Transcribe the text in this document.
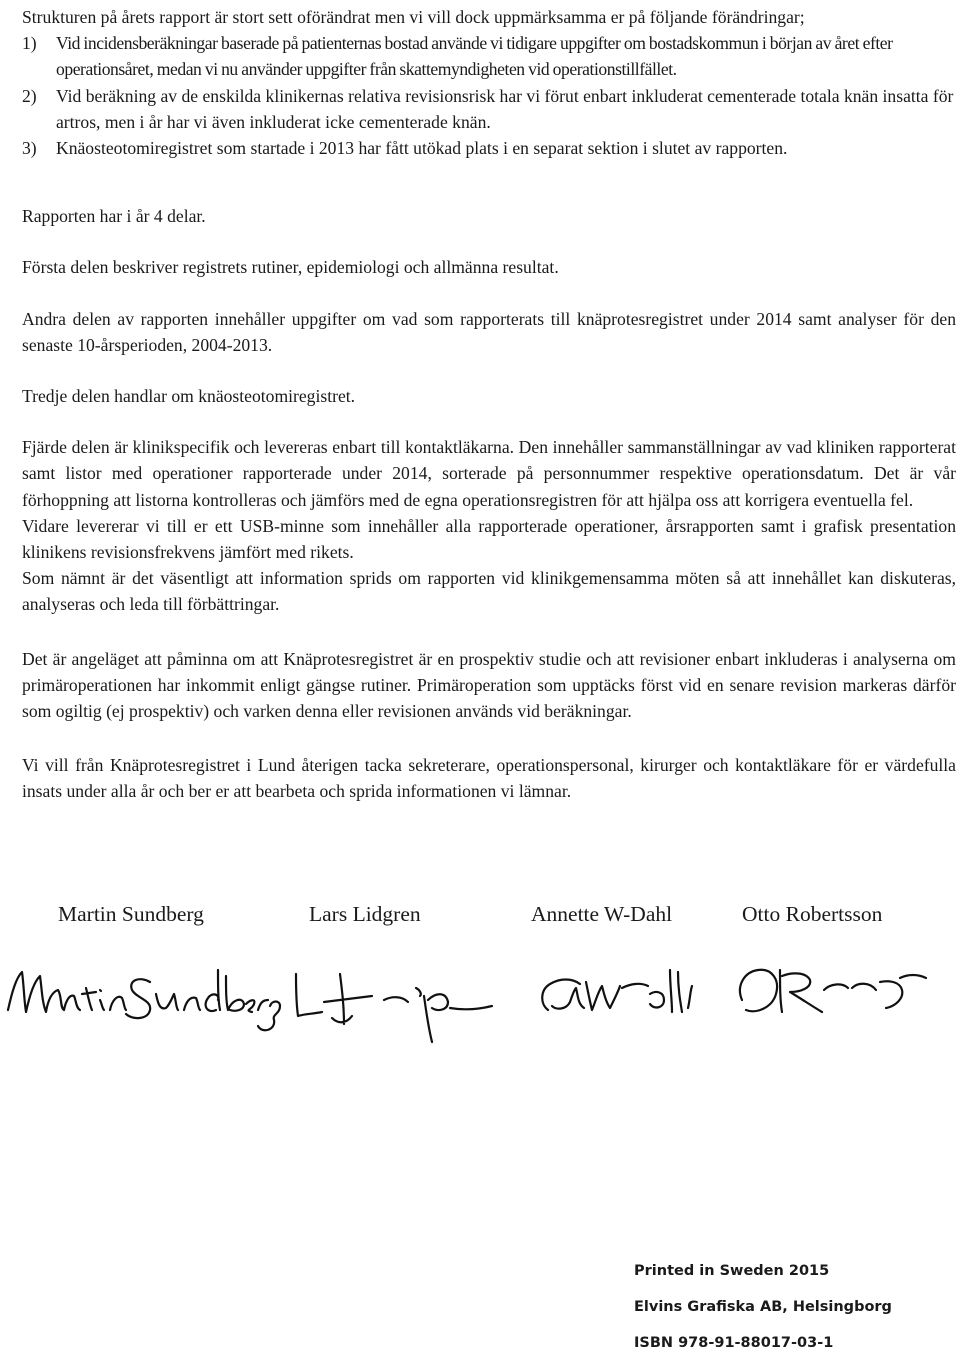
Strukturen på årets rapport är stort sett oförändrat men vi vill dock uppmärksamma er på följande förändringar;

1) Vid incidensberäkningar baserade på patienternas bostad använde vi tidigare uppgifter om bostadskommun i början av året efter operationsåret, medan vi nu använder uppgifter från skattemyndigheten vid operationstillfället.
2) Vid beräkning av de enskilda klinikernas relativa revisionsrisk har vi förut enbart inkluderat cementerade totala knän insatta för artros, men i år har vi även inkluderat icke cementerade knän.
3) Knäosteotomiregistret som startade i 2013 har fått utökad plats i en separat sektion i slutet av rapporten.

Rapporten har i år 4 delar.

Första delen beskriver registrets rutiner, epidemiologi och allmänna resultat.

Andra delen av rapporten innehåller uppgifter om vad som rapporterats till knäprotesregistret under 2014 samt analyser för den senaste 10-årsperioden, 2004-2013.

Tredje delen handlar om knäosteotomiregistret.

Fjärde delen är klinikspecifik och levereras enbart till kontaktläkarna. Den innehåller sammanställningar av vad kliniken rapporterat samt listor med operationer rapporterade under 2014, sorterade på personnummer respektive operationsdatum. Det är vår förhoppning att listorna kontrolleras och jämförs med de egna operationsregistren för att hjälpa oss att korrigera eventuella fel.

Vidare levererar vi till er ett USB-minne som innehåller alla rapporterade operationer, årsrapporten samt i grafisk presentation klinikens revisionsfrekvens jämfört med rikets.

Som nämnt är det väsentligt att information sprids om rapporten vid klinikgemensamma möten så att innehållet kan diskuteras, analyseras och leda till förbättringar.

Det är angeläget att påminna om att Knäprotesregistret är en prospektiv studie och att revisioner enbart inkluderas i analyserna om primäroperationen har inkommit enligt gängse rutiner. Primäroperation som upptäcks först vid en senare revision markeras därför som ogiltig (ej prospektiv) och varken denna eller revisionen används vid beräkningar.

Vi vill från Knäprotesregistret i Lund återigen tacka sekreterare, operationspersonal, kirurger och kontaktläkare för er värdefulla insats under alla år och ber er att bearbeta och sprida informationen vi lämnar.

Martin Sundberg	Lars Lidgren	Annette W-Dahl	Otto Robertsson
Printed in Sweden 2015
Elvins Grafiska AB, Helsingborg
ISBN 978-91-88017-03-1
